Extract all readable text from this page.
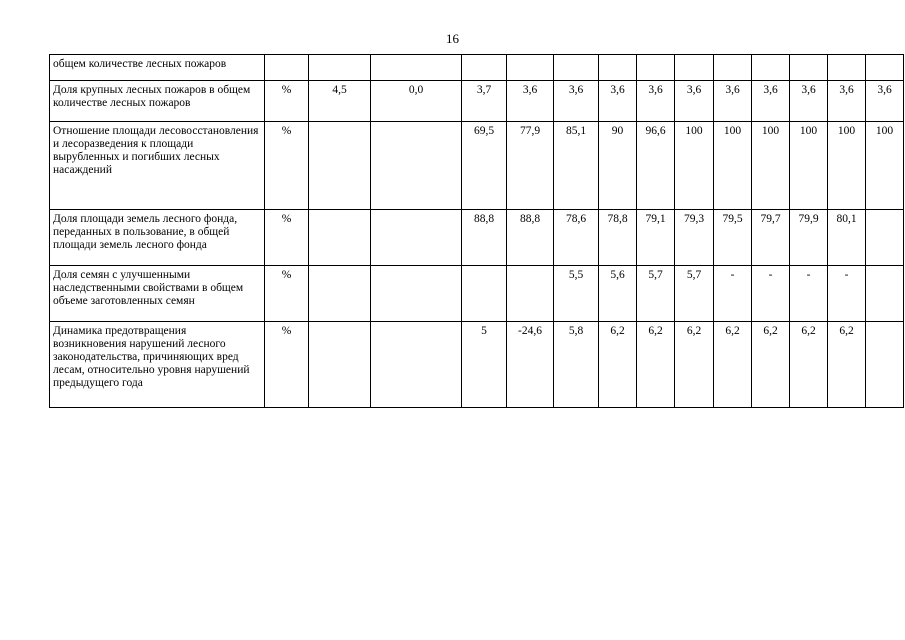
16
общем количестве лесных пожаров														
Доля крупных лесных пожаров в общем количестве лесных пожаров	%	4,5	0,0	3,7	3,6	3,6	3,6	3,6	3,6	3,6	3,6	3,6	3,6	3,6
Отношение площади лесовосстановления и лесоразведения к площади вырубленных и погибших лесных насаждений	%			69,5	77,9	85,1	90	96,6	100	100	100	100	100	100
Доля площади земель лесного фонда, переданных в пользование, в общей площади земель лесного фонда	%			88,8	88,8	78,6	78,8	79,1	79,3	79,5	79,7	79,9	80,1	
Доля семян с улучшенными наследственными свойствами в общем объеме заготовленных семян	%					5,5	5,6	5,7	5,7	-	-	-	-	
Динамика предотвращения возникновения нарушений лесного законодательства, причиняющих вред лесам, относительно уровня нарушений предыдущего года	%			5	-24,6	5,8	6,2	6,2	6,2	6,2	6,2	6,2	6,2	
